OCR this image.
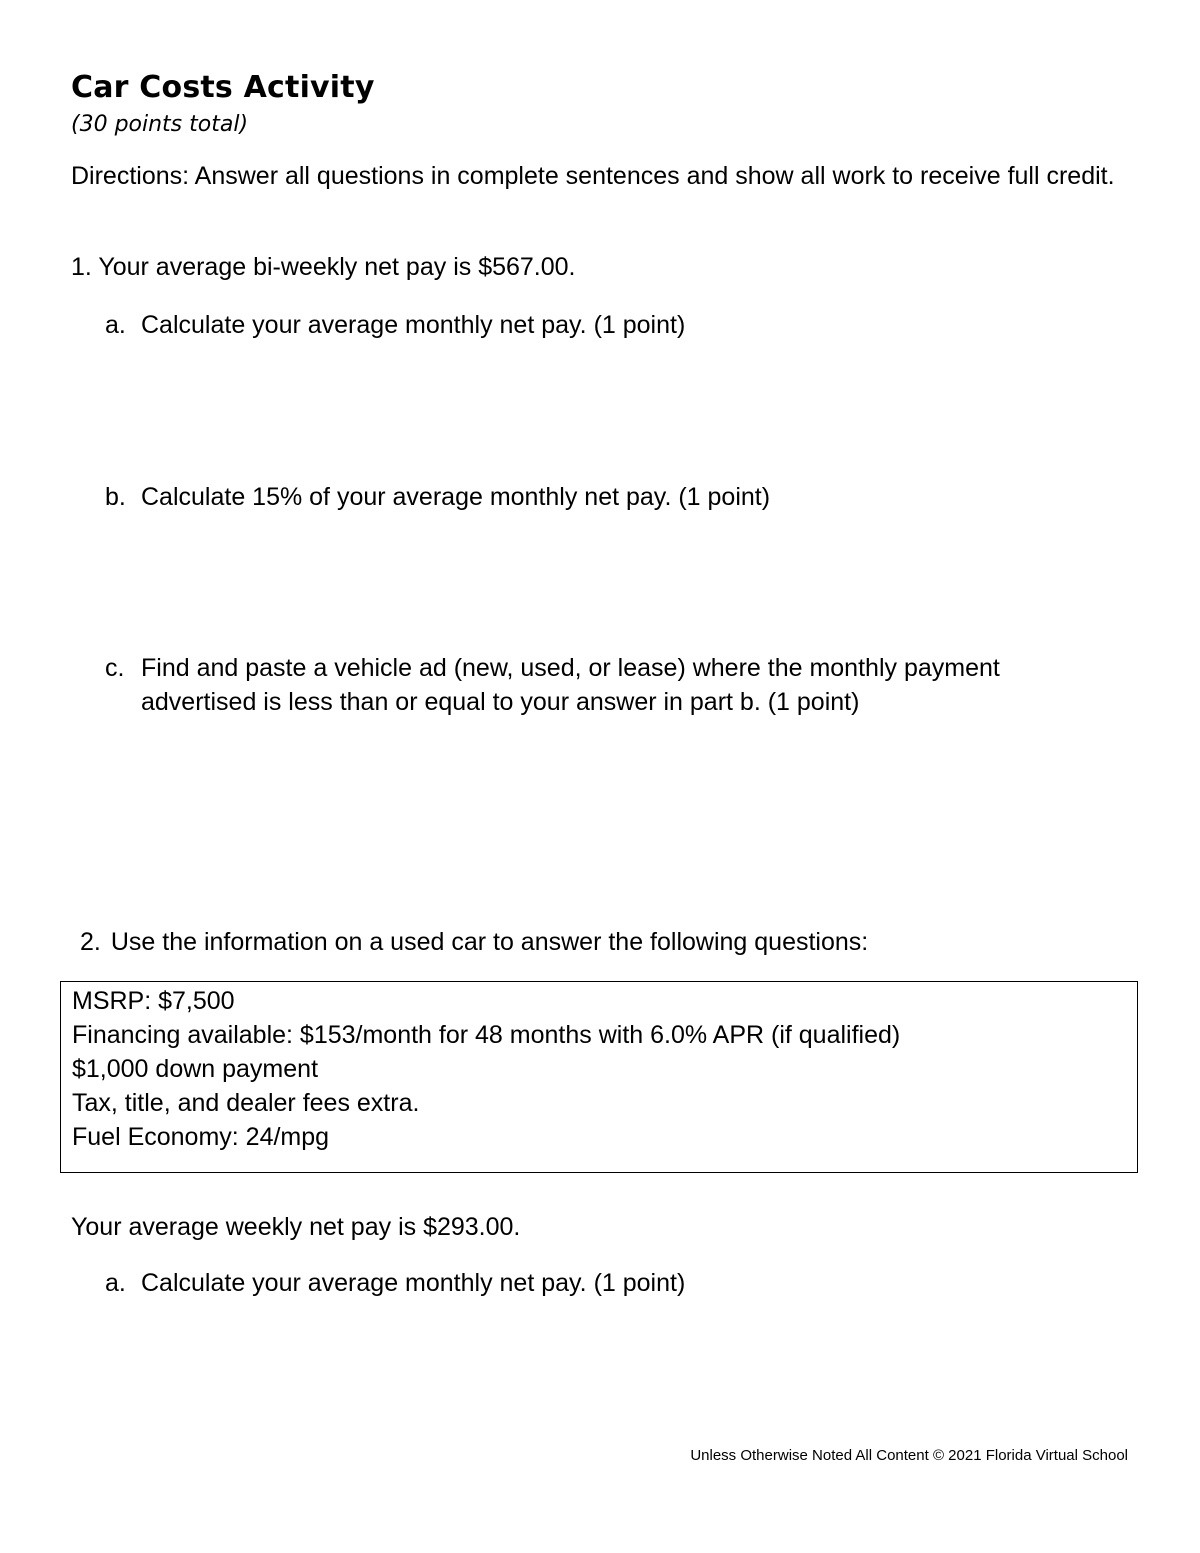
Car Costs Activity
(30 points total)
Directions: Answer all questions in complete sentences and show all work to receive full credit.
1. Your average bi-weekly net pay is $567.00.
a. Calculate your average monthly net pay. (1 point)
b. Calculate 15% of your average monthly net pay. (1 point)
c. Find and paste a vehicle ad (new, used, or lease) where the monthly payment advertised is less than or equal to your answer in part b. (1 point)
2. Use the information on a used car to answer the following questions:
MSRP: $7,500
Financing available: $153/month for 48 months with 6.0% APR (if qualified)
$1,000 down payment
Tax, title, and dealer fees extra.
Fuel Economy: 24/mpg
Your average weekly net pay is $293.00.
a. Calculate your average monthly net pay. (1 point)
Unless Otherwise Noted All Content © 2021 Florida Virtual School
